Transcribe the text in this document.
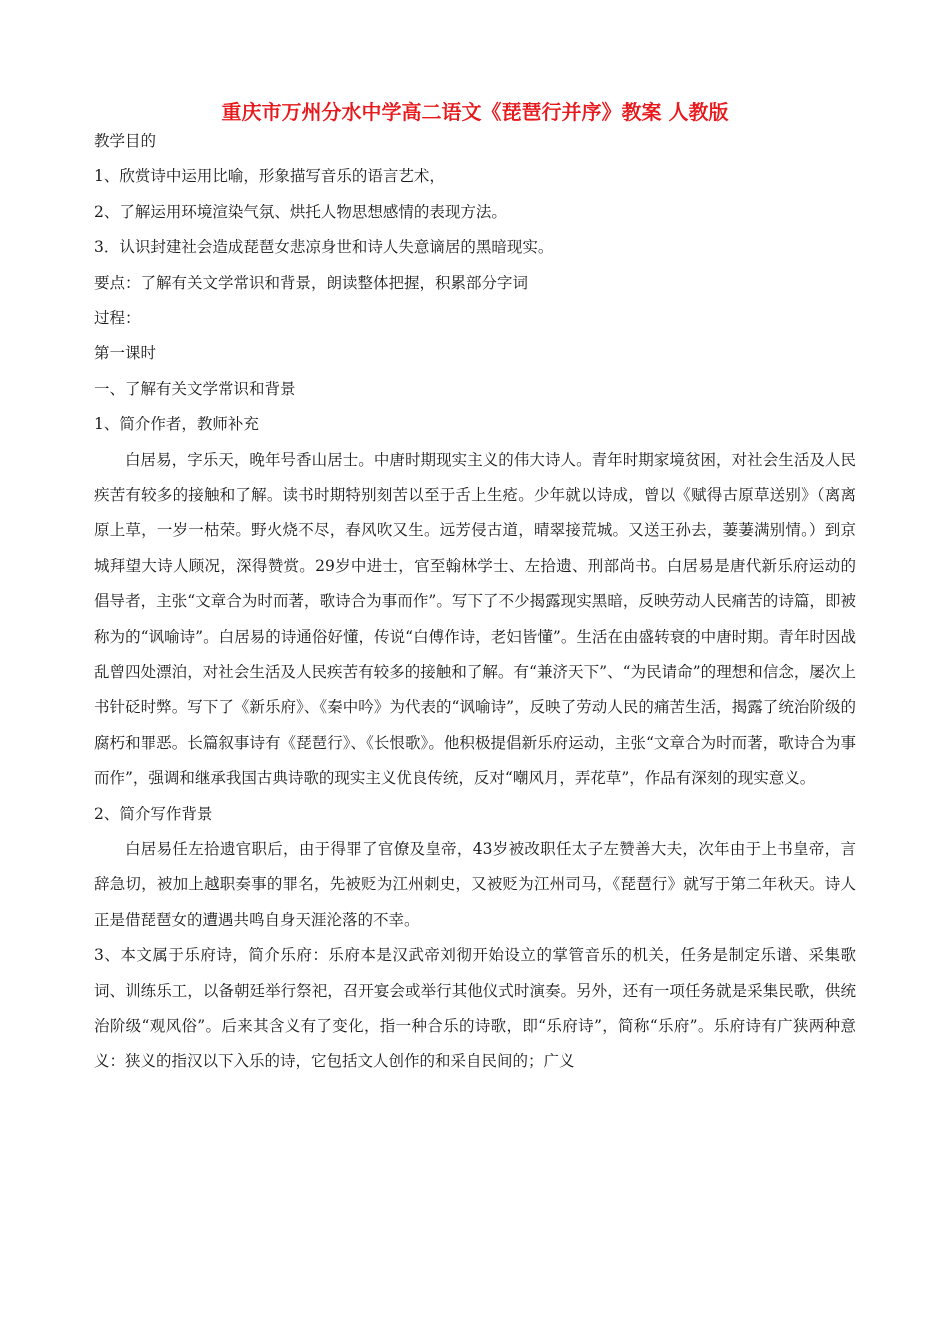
重庆市万州分水中学高二语文《琵琶行并序》教案 人教版
教学目的
1、欣赏诗中运用比喻，形象描写音乐的语言艺术，
2、了解运用环境渲染气氛、烘托人物思想感情的表现方法。
3．认识封建社会造成琵琶女悲凉身世和诗人失意谪居的黑暗现实。
要点：了解有关文学常识和背景，朗读整体把握，积累部分字词
过程：
第一课时
一、了解有关文学常识和背景
1、简介作者，教师补充

白居易，字乐天，晚年号香山居士。中唐时期现实主义的伟大诗人。青年时期家境贫困，对社会生活及人民疾苦有较多的接触和了解。读书时期特别刻苦以至于舌上生疮。少年就以诗成，曾以《赋得古原草送别》（离离原上草，一岁一枯荣。野火烧不尽，春风吹又生。远芳侵古道，晴翠接荒城。又送王孙去，萋萋满别情。）到京城拜望大诗人顾况，深得赞赏。29岁中进士，官至翰林学士、左拾遗、刑部尚书。白居易是唐代新乐府运动的倡导者，主张“文章合为时而著，歌诗合为事而作”。写下了不少揭露现实黑暗，反映劳动人民痛苦的诗篇，即被称为的“讽喻诗”。白居易的诗通俗好懂，传说“白傅作诗，老妇皆懂”。生活在由盛转衰的中唐时期。青年时因战乱曾四处漂泊，对社会生活及人民疾苦有较多的接触和了解。有“兼济天下”、“为民请命”的理想和信念，屡次上书针砭时弊。写下了《新乐府》、《秦中吟》为代表的“讽喻诗”，反映了劳动人民的痛苦生活，揭露了统治阶级的腐朽和罪恶。长篇叙事诗有《琵琶行》、《长恨歌》。他积极提倡新乐府运动，主张“文章合为时而著，歌诗合为事而作”，强调和继承我国古典诗歌的现实主义优良传统，反对“嘲风月，弄花草”，作品有深刻的现实意义。

2、简介写作背景

白居易任左拾遗官职后，由于得罪了官僚及皇帝，43岁被改职任太子左赞善大夫，次年由于上书皇帝，言辞急切，被加上越职奏事的罪名，先被贬为江州刺史，又被贬为江州司马，《琵琶行》就写于第二年秋天。诗人正是借琵琶女的遭遇共鸣自身天涯沦落的不幸。

3、本文属于乐府诗，简介乐府：乐府本是汉武帝刘彻开始设立的掌管音乐的机关，任务是制定乐谱、采集歌词、训练乐工，以备朝廷举行祭祀，召开宴会或举行其他仪式时演奏。另外，还有一项任务就是采集民歌，供统治阶级“观风俗”。后来其含义有了变化，指一种合乐的诗歌，即“乐府诗”，简称“乐府”。乐府诗有广狭两种意义：狭义的指汉以下入乐的诗，它包括文人创作的和采自民间的；广义
